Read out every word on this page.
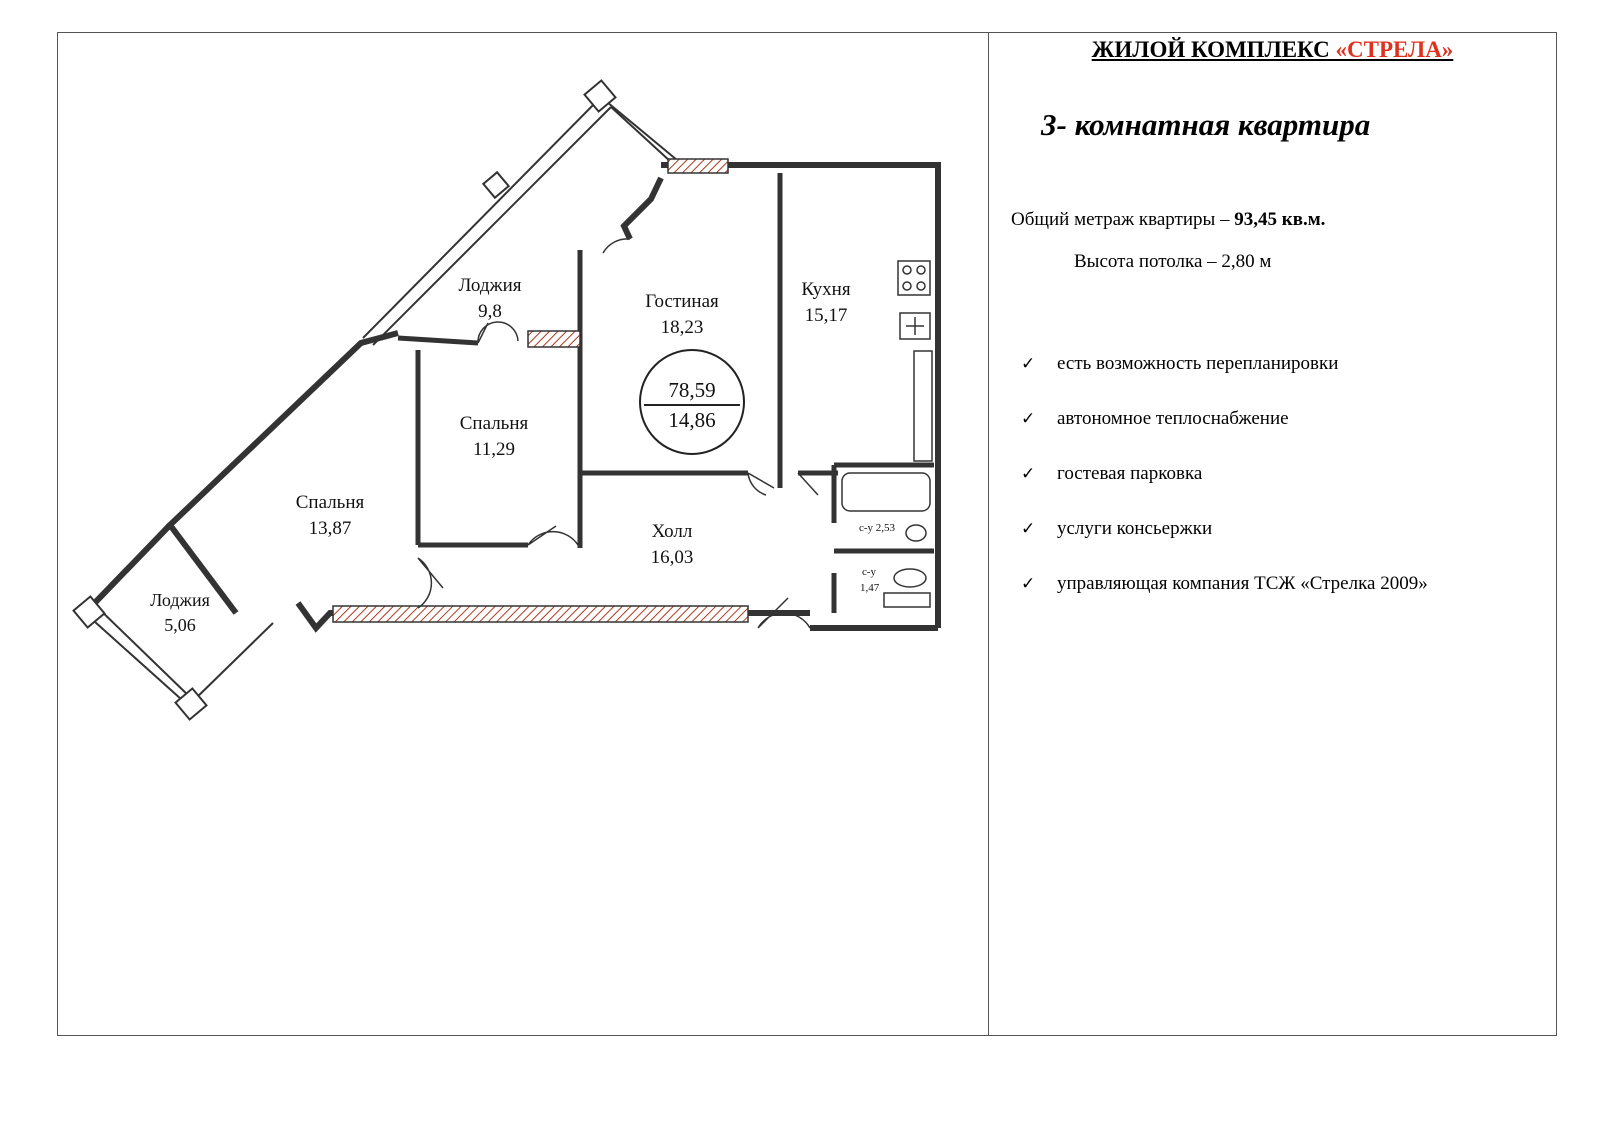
78,59
14,86
Лоджия
9,8	Гостиная
18,23
Кухня
15,17
Спальня
11,29
Спальня
13,87	Холл
16,03
Лоджия
5,06
с-у 2,53
с-у
1,47
ЖИЛОЙ КОМПЛЕКС «СТРЕЛА»
3- комнатная квартира
Общий метраж квартиры – 93,45 кв.м.
Высота потолка – 2,80 м
✓ есть возможность перепланировки
✓ автономное теплоснабжение
✓ гостевая парковка
✓ услуги консьержки
✓ управляющая компания ТСЖ «Стрелка 2009»
